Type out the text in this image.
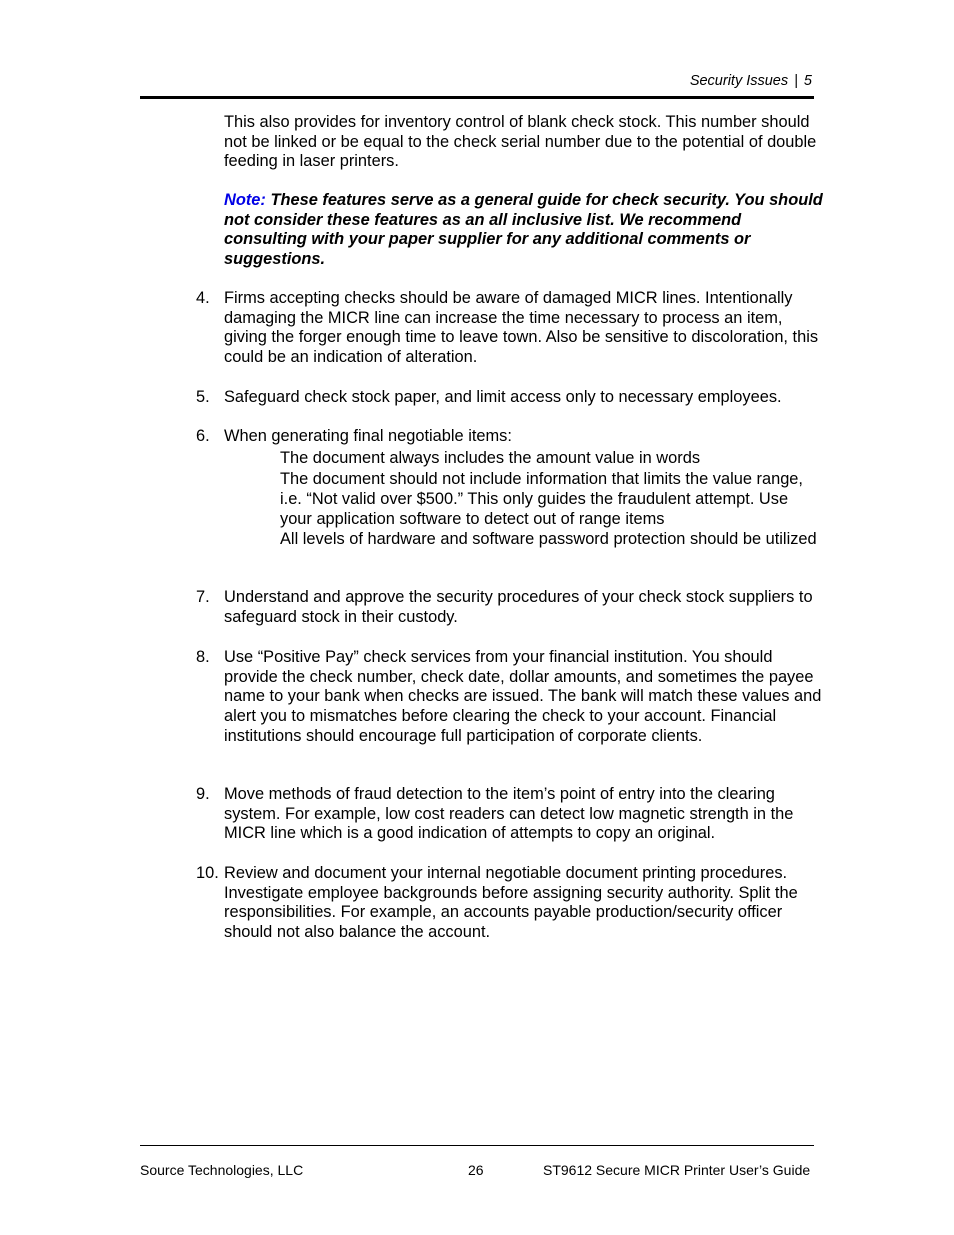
Security Issues | 5
This also provides for inventory control of blank check stock. This number should not be linked or be equal to the check serial number due to the potential of double feeding in laser printers.
Note: These features serve as a general guide for check security. You should not consider these features as an all inclusive list. We recommend consulting with your paper supplier for any additional comments or suggestions.
4. Firms accepting checks should be aware of damaged MICR lines. Intentionally damaging the MICR line can increase the time necessary to process an item, giving the forger enough time to leave town. Also be sensitive to discoloration, this could be an indication of alteration.
5. Safeguard check stock paper, and limit access only to necessary employees.
6. When generating final negotiable items:
The document always includes the amount value in words
The document should not include information that limits the value range, i.e. “Not valid over $500.” This only guides the fraudulent attempt. Use your application software to detect out of range items
All levels of hardware and software password protection should be utilized
7. Understand and approve the security procedures of your check stock suppliers to safeguard stock in their custody.
8. Use “Positive Pay” check services from your financial institution. You should provide the check number, check date, dollar amounts, and sometimes the payee name to your bank when checks are issued. The bank will match these values and alert you to mismatches before clearing the check to your account. Financial institutions should encourage full participation of corporate clients.
9. Move methods of fraud detection to the item’s point of entry into the clearing system. For example, low cost readers can detect low magnetic strength in the MICR line which is a good indication of attempts to copy an original.
10. Review and document your internal negotiable document printing procedures. Investigate employee backgrounds before assigning security authority. Split the responsibilities. For example, an accounts payable production/security officer should not also balance the account.
Source Technologies, LLC	26	ST9612 Secure MICR Printer User’s Guide
